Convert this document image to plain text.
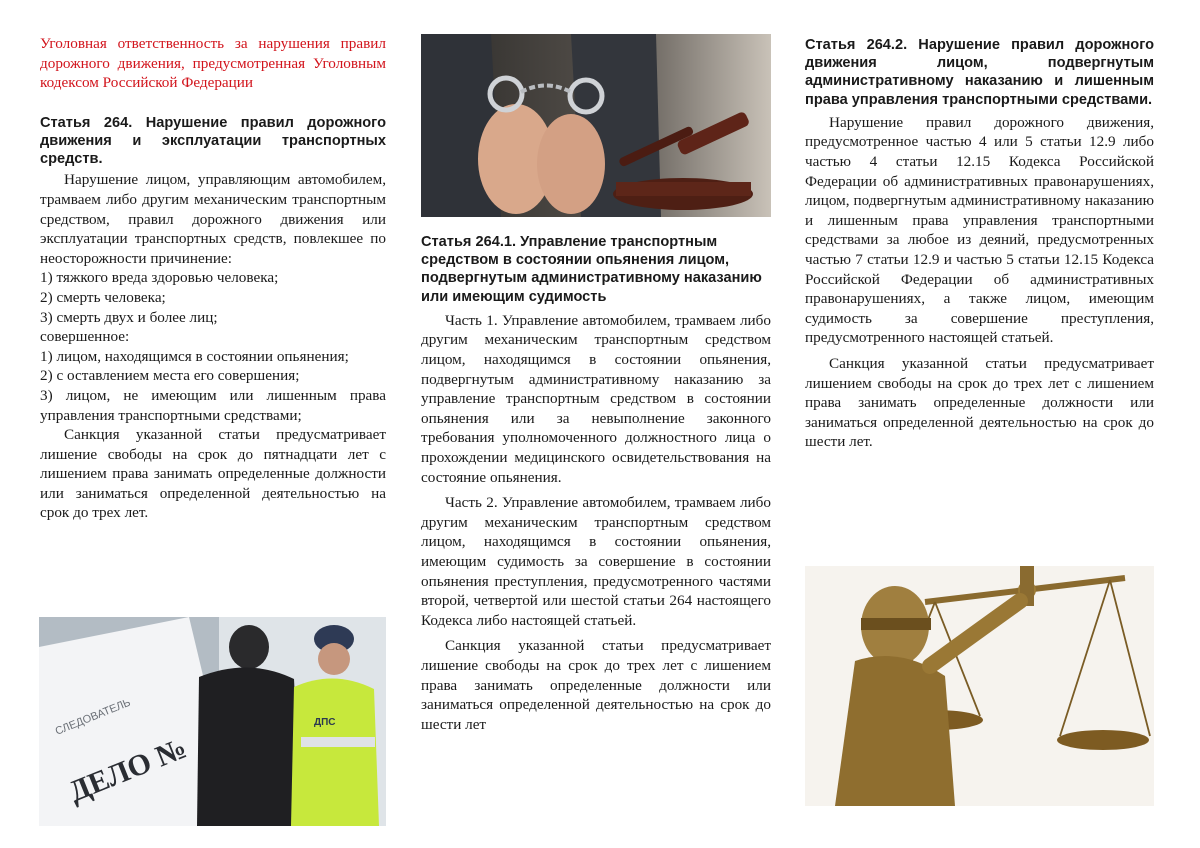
Уголовная ответственность за нарушения правил дорожного движения, предусмотренная Уголовным кодексом Российской Федерации

Статья 264. Нарушение правил дорожного движения и эксплуатации транспортных средств.

Нарушение лицом, управляющим автомобилем, трамваем либо другим механическим транспортным средством, правил дорожного движения или эксплуатации транспортных средств, повлекшее по неосторожности причинение:

1) тяжкого вреда здоровью человека;
2) смерть человека;
3) смерть двух и более лиц;

совершенное:

1) лицом, находящимся в состоянии опьянения;
2) с оставлением места его совершения;
3) лицом, не имеющим или лишенным права управления транспортными средствами;

Санкция указанной статьи предусматривает лишение свободы на срок до пятнадцати лет с лишением права занимать определенные должности или заниматься определенной деятельностью на срок до трех лет.

Статья 264.1. Управление транспортным средством в состоянии опьянения лицом, подвергнутым административному наказанию или имеющим судимость

Часть 1. Управление автомобилем, трамваем либо другим механическим транспортным средством лицом, находящимся в состоянии опьянения, подвергнутым административному наказанию за управление транспортным средством в состоянии опьянения или за невыполнение законного требования уполномоченного должностного лица о прохождении медицинского освидетельствования на состояние опьянения.

Часть 2. Управление автомобилем, трамваем либо другим механическим транспортным средством лицом, находящимся в состоянии опьянения, имеющим судимость за совершение в состоянии опьянения преступления, предусмотренного частями второй, четвертой или шестой статьи 264 настоящего Кодекса либо настоящей статьей.

Санкция указанной статьи предусматривает лишение свободы на срок до трех лет с лишением права занимать определенные должности или заниматься определенной деятельностью на срок до шести лет

Статья 264.2. Нарушение правил дорожного движения лицом, подвергнутым административному наказанию и лишенным права управления транспортными средствами.

Нарушение правил дорожного движения, предусмотренное частью 4 или 5 статьи 12.9 либо частью 4 статьи 12.15 Кодекса Российской Федерации об административных правонарушениях, лицом, подвергнутым административному наказанию и лишенным права управления транспортными средствами за любое из деяний, предусмотренных частью 7 статьи 12.9 и частью 5 статьи 12.15 Кодекса Российской Федерации об административных правонарушениях, а также лицом, имеющим судимость за совершение преступления, предусмотренного настоящей статьей.

Санкция указанной статьи предусматривает лишением свободы на срок до трех лет с лишением права занимать определенные должности или заниматься определенной деятельностью на срок до шести лет.

СЛЕДОВАТЕЛЬ
ДЕЛО №
ДПС
